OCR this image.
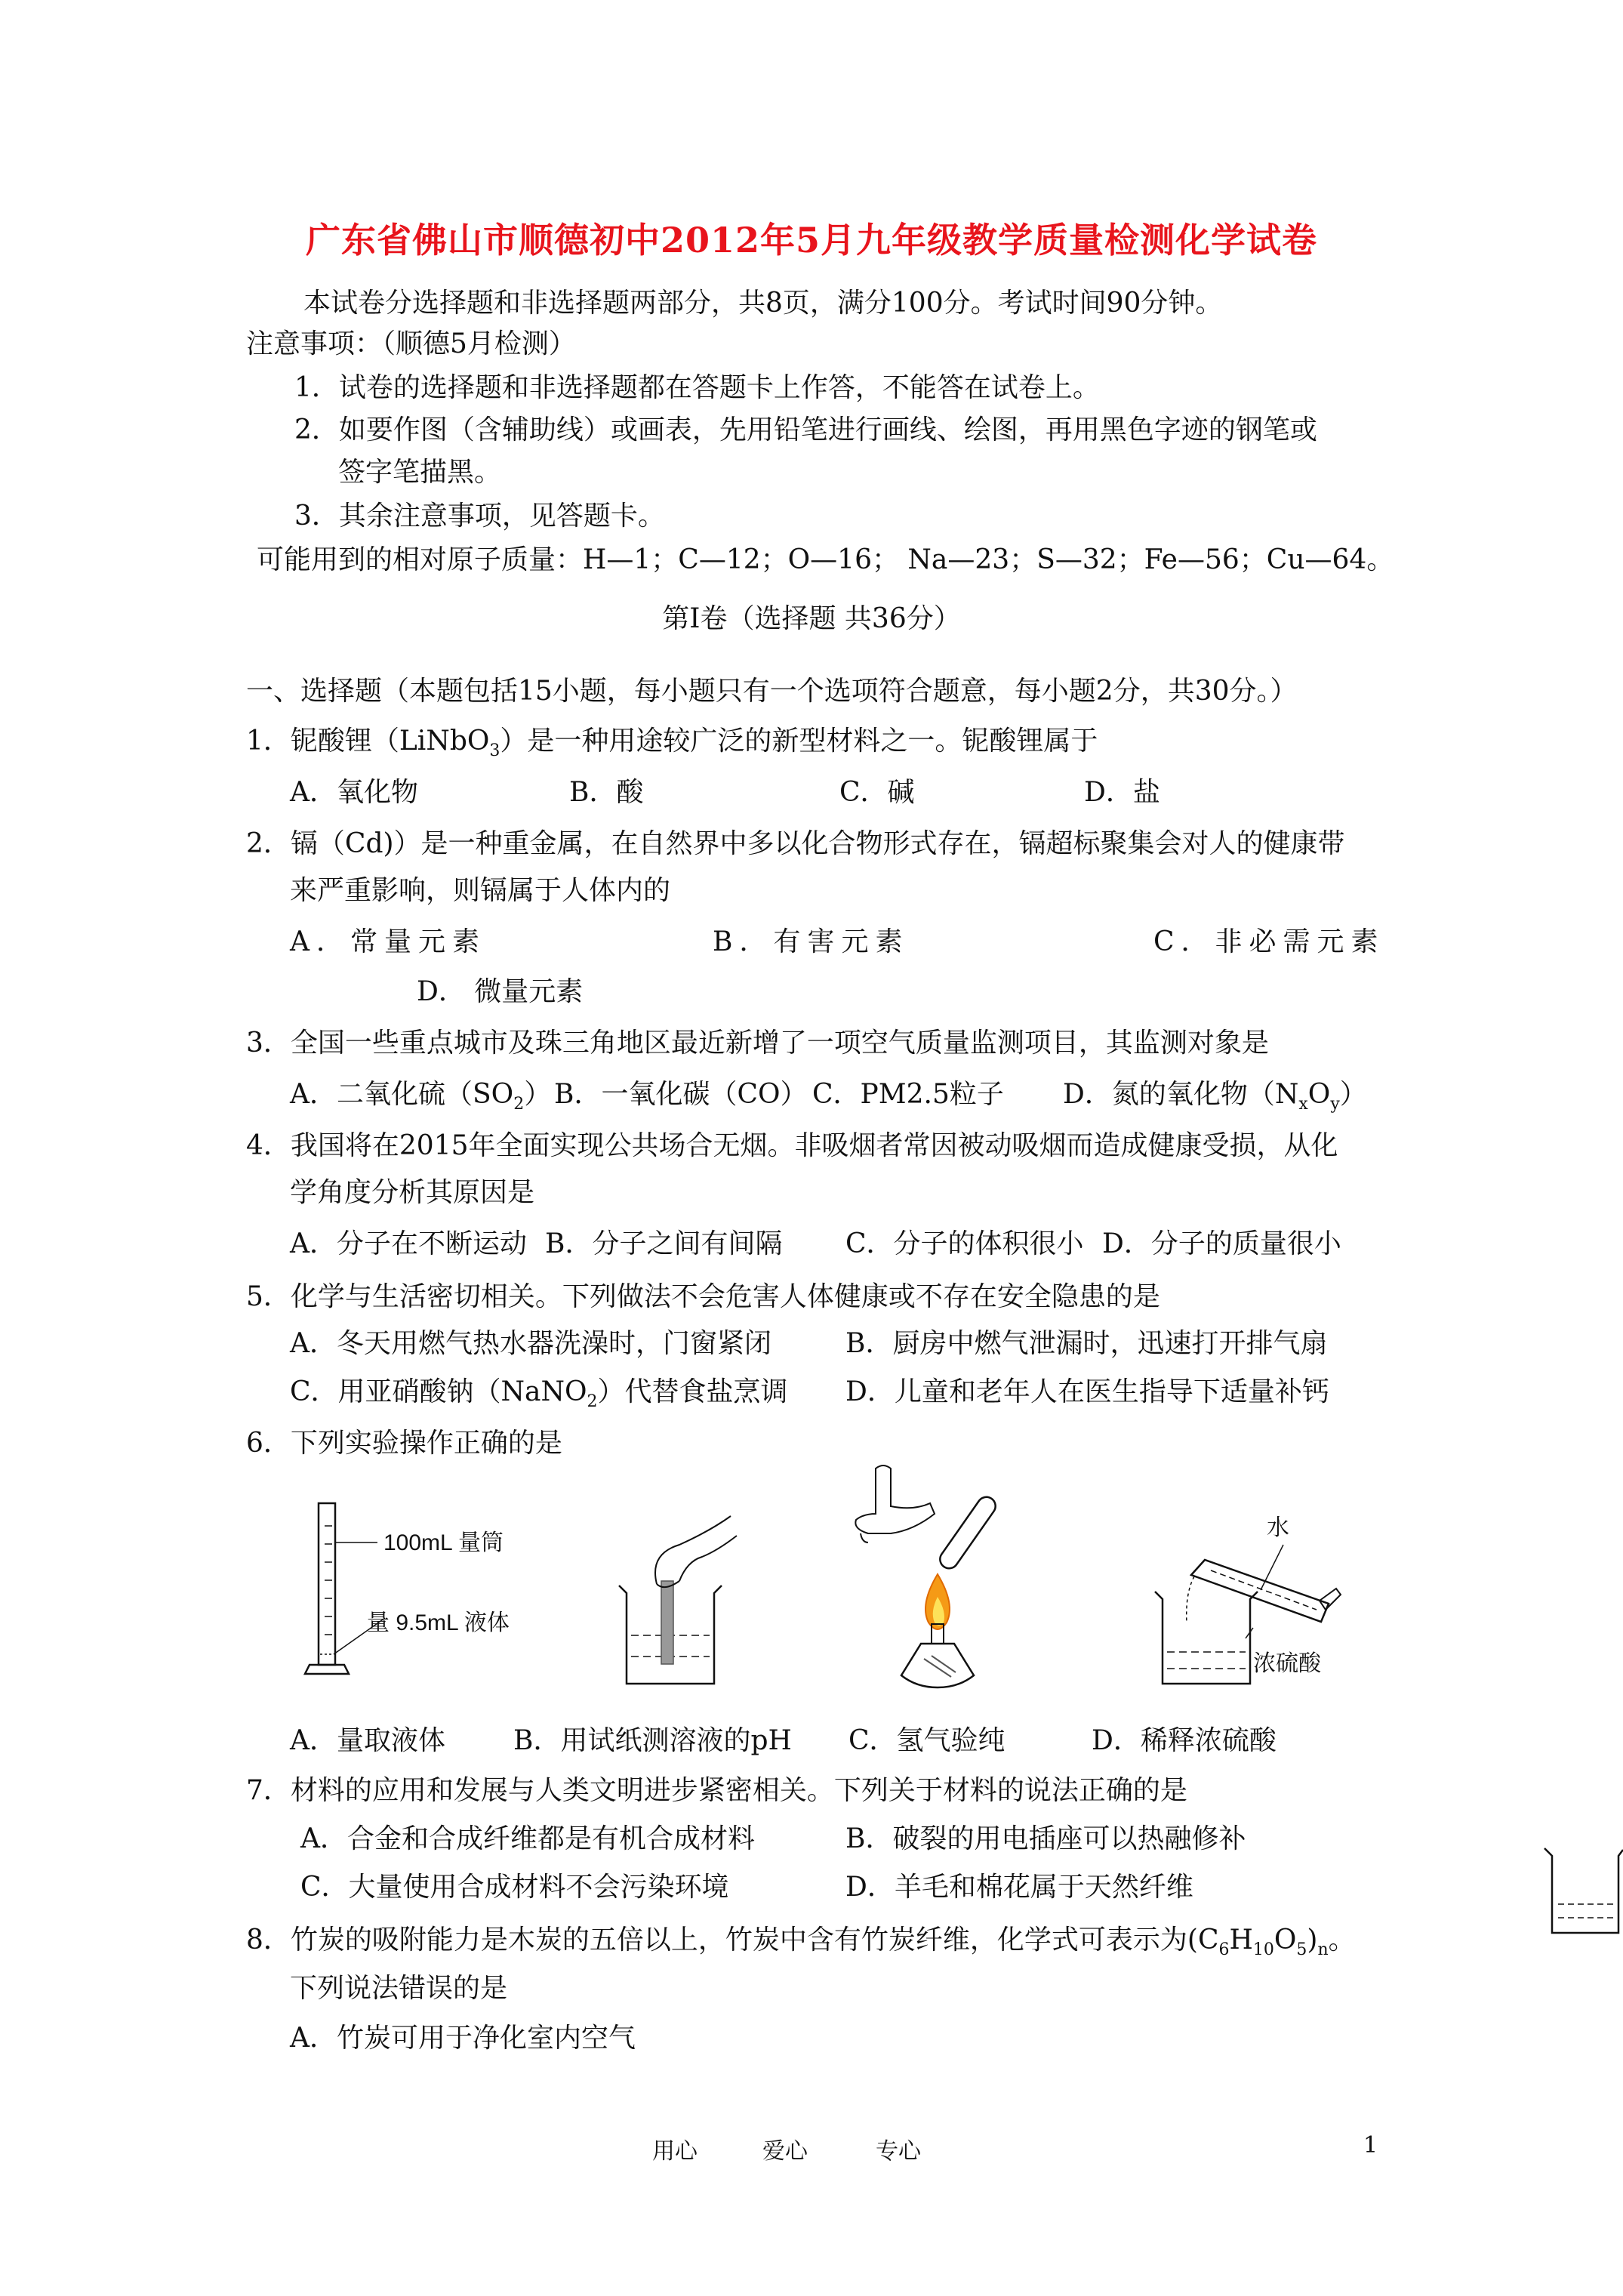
广东省佛山市顺德初中2012年5月九年级教学质量检测化学试卷
本试卷分选择题和非选择题两部分，共8页，满分100分。考试时间90分钟。
注意事项：（顺德5月检测）
1．试卷的选择题和非选择题都在答题卡上作答，不能答在试卷上。
2．如要作图（含辅助线）或画表，先用铅笔进行画线、绘图，再用黑色字迹的钢笔或
签字笔描黑。
3．其余注意事项，见答题卡。
可能用到的相对原子质量：H—1；C—12；O—16； Na—23；S—32；Fe—56；Cu—64。
第Ⅰ卷（选择题 共36分）
一、选择题（本题包括15小题，每小题只有一个选项符合题意，每小题2分，共30分。）
1．铌酸锂（LiNbO$_3$）是一种用途较广泛的新型材料之一。铌酸锂属于
A．氧化物	B．酸	C．碱	D．盐
2．镉（Cd)）是一种重金属，在自然界中多以化合物形式存在，镉超标聚集会对人的健康带
来严重影响，则镉属于人体内的
A．常量元素	B．有害元素	C．非必需元素
D． 微量元素
3．全国一些重点城市及珠三角地区最近新增了一项空气质量监测项目，其监测对象是
A．二氧化硫$(SO_2)$ B．一氧化碳（CO） C．PM2.5粒子 D．氮的氧化物$(N_xO_y)$
4．我国将在2015年全面实现公共场合无烟。非吸烟者常因被动吸烟而造成健康受损，从化
学角度分析其原因是
A．分子在不断运动 B．分子之间有间隔 C．分子的体积很小 D．分子的质量很小
5．化学与生活密切相关。下列做法不会危害人体健康或不存在安全隐患的是
A．冬天用燃气热水器洗澡时，门窗紧闭	B．厨房中燃气泄漏时，迅速打开排气扇
C．用亚硝酸钠（NaNO$_2$）代替食盐烹调 D．儿童和老年人在医生指导下适量补钙
6．下列实验操作正确的是
100mL 量筒
量 9.5mL 液体
水
浓硫酸
A．量取液体	B．用试纸测溶液的pH C．氢气验纯	D．稀释浓硫酸
7．材料的应用和发展与人类文明进步紧密相关。下列关于材料的说法正确的是
A．合金和合成纤维都是有机合成材料	B．破裂的用电插座可以热融修补
C．大量使用合成材料不会污染环境	D．羊毛和棉花属于天然纤维
8．竹炭的吸附能力是木炭的五倍以上，竹炭中含有竹炭纤维，化学式可表示为$(C_6H_{10}O_5)_n$。
下列说法错误的是
A．竹炭可用于净化室内空气
用心	爱心	专心	1
